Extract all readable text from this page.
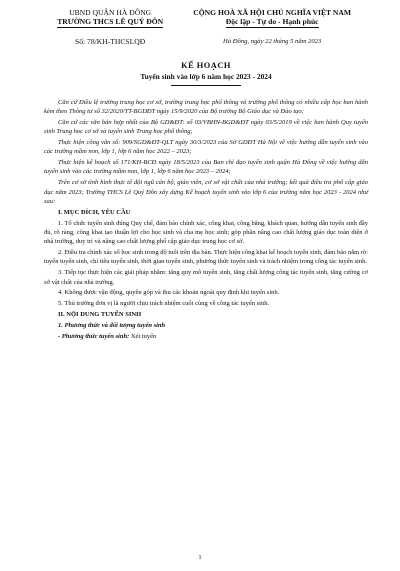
UBND QUẬN HÀ ĐÔNG
TRƯỜNG THCS LÊ QUÝ ĐÔN
Số: 78/KH-THCSLQĐ
CỘNG HOÀ XÃ HỘI CHỦ NGHĨA VIỆT NAM
Độc lập - Tự do - Hạnh phúc
Hà Đông, ngày 22 tháng 5 năm 2023
KẾ HOẠCH
Tuyển sinh vào lớp 6 năm học 2023 - 2024

Căn cứ Điều lệ trường trung học cơ sở, trường trung học phổ thông và trường phổ thông có nhiều cấp học ban hành kèm theo Thông tư số 32/2020/TT-BGDĐT ngày 15/9/2020 của Bộ trưởng Bộ Giáo dục và Đào tạo;

Căn cứ các văn bản hợp nhất của Bộ GD&ĐT: số 03/VBHN-BGD&ĐT ngày 03/5/2019 về việc ban hành Quy tuyển sinh Trung học cơ sở và tuyển sinh Trung học phổ thông;

Thực hiện công văn số: 909/SGD&ĐT-QLT ngày 30/3/2023 của Sở GDĐT Hà Nội về việc hướng dẫn tuyển sinh vào các trường mầm non, lớp 1, lớp 6 năm học 2022 – 2023;

Thực hiện kế hoạch số 171/KH-BCĐ ngày 18/5/2023 của Ban chỉ đạo tuyển sinh quận Hà Đông về việc hướng dẫn tuyển sinh vào các trường mầm non, lớp 1, lớp 6 năm học 2023 – 2024;

Trên cơ sở tình hình thực tế đội ngũ cán bộ, giáo viên, cơ sở vật chất của nhà trường; kết quả điều tra phổ cập giáo dục năm 2023; Trường THCS Lê Quý Đôn xây dựng Kế hoạch tuyển sinh vào lớp 6 của trường năm học 2023 - 2024 như sau:

I. MỤC ĐÍCH, YÊU CẦU

1. Tổ chức tuyển sinh đúng Quy chế, đảm bảo chính xác, công khai, công bằng, khách quan, hướng dẫn tuyển sinh đầy đủ, rõ ràng, công khai tạo thuận lợi cho học sinh và cha mẹ học sinh; góp phần nâng cao chất lượng giáo dục toàn diện ở nhà trường, duy trì và nâng cao chất lượng phổ cập giáo dục trung học cơ sở.

2. Điều tra chính xác số học sinh trong độ tuổi trên địa bàn. Thực hiện công khai kế hoạch tuyển sinh, đảm bảo nắm rõ: tuyển tuyển sinh, chỉ tiêu tuyển sinh, thời gian tuyển sinh, phương thức tuyển sinh và trách nhiệm trong công tác tuyển sinh.

3. Tiếp tục thực hiện các giải pháp nhằm: tăng quy mô tuyển sinh, tăng chất lượng công tác tuyển sinh, tăng cường cơ sở vật chất của nhà trường.

4. Không được vận động, quyên góp và thu các khoản ngoài quy định khi tuyển sinh.

5. Thủ trưởng đơn vị là người chịu trách nhiệm cuối cùng về công tác tuyển sinh.

II. NỘI DUNG TUYỂN SINH

1. Phương thức và đối tượng tuyển sinh

- Phương thức tuyển sinh: Xét tuyển

1
